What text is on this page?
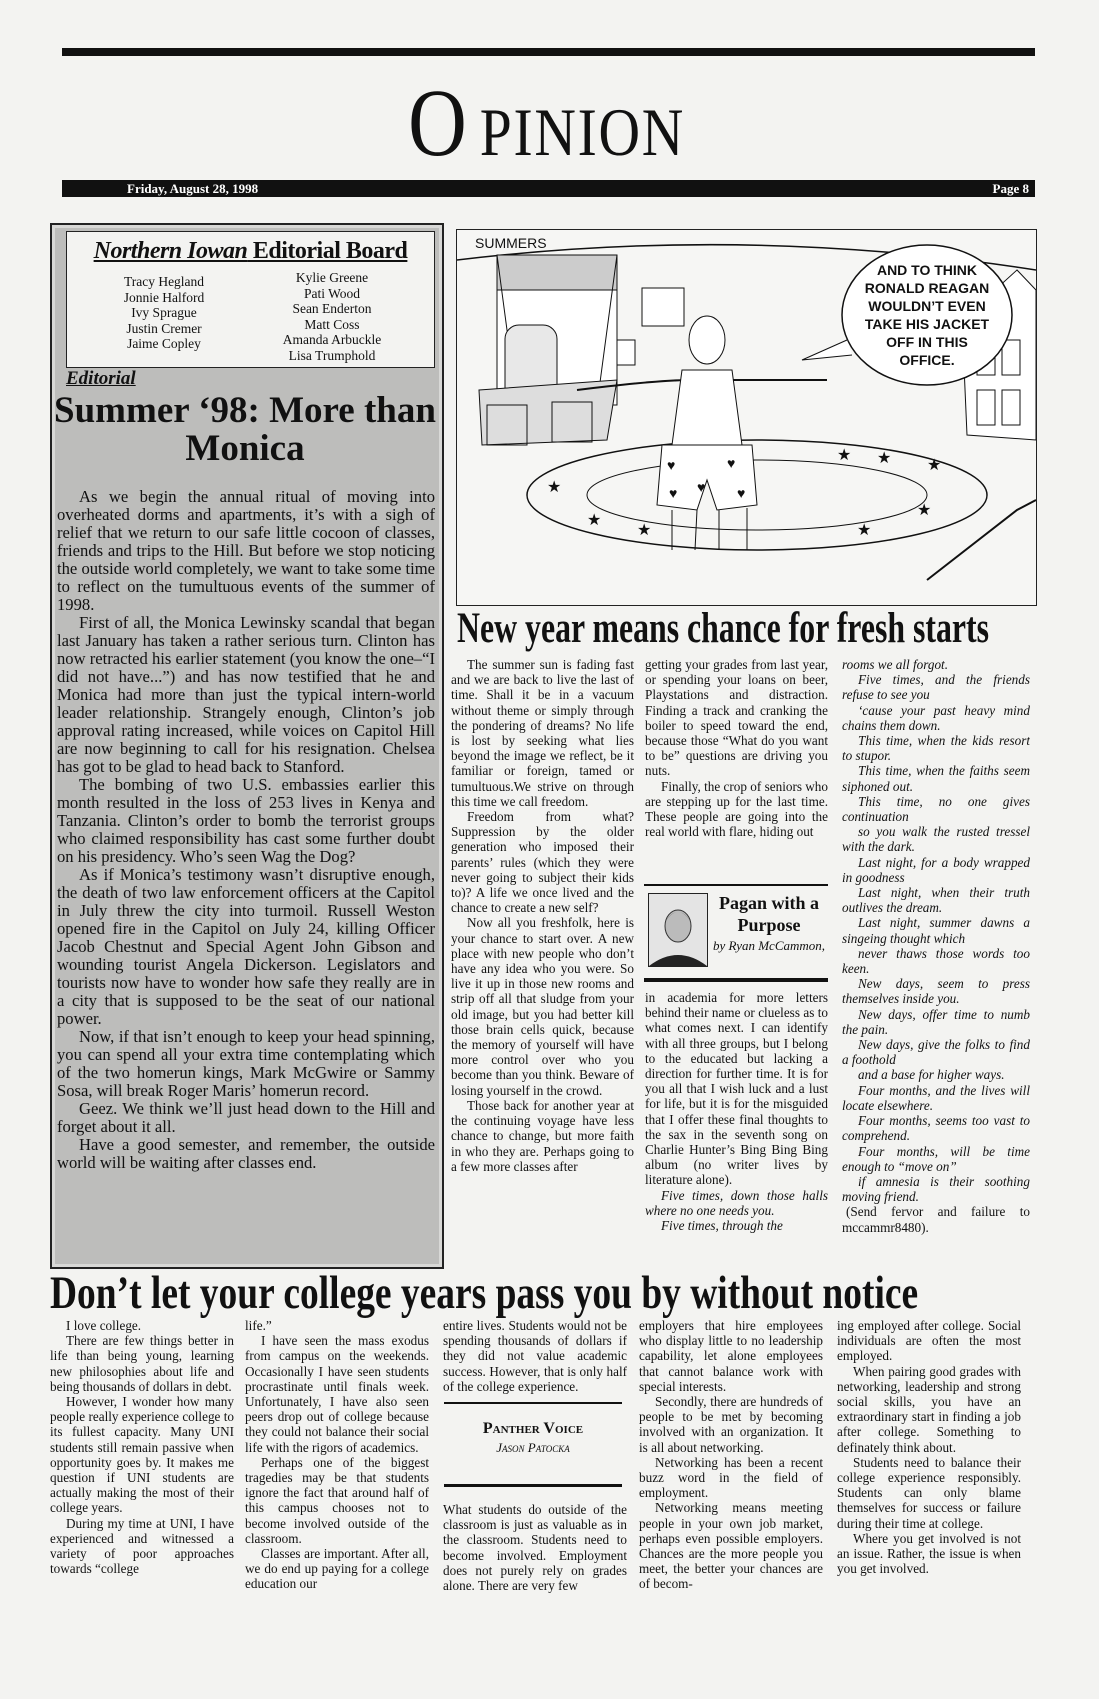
O PINION
Friday, August 28, 1998	Page 8
Northern Iowan Editorial Board
Tracy Hegland
Jonnie Halford
Ivy Sprague
Justin Cremer
Jaime Copley
Kylie Greene
Pati Wood
Sean Enderton
Matt Coss
Amanda Arbuckle
Lisa Trumphold
Editorial
Summer ‘98: More than Monica

As we begin the annual ritual of moving into overheated dorms and apartments, it’s with a sigh of relief that we return to our safe little cocoon of classes, friends and trips to the Hill. But before we stop noticing the outside world completely, we want to take some time to reflect on the tumultuous events of the summer of 1998.

First of all, the Monica Lewinsky scandal that began last January has taken a rather serious turn. Clinton has now retracted his earlier statement (you know the one–“I did not have...”) and has now testified that he and Monica had more than just the typical intern-world leader relationship. Strangely enough, Clinton’s job approval rating increased, while voices on Capitol Hill are now beginning to call for his resignation. Chelsea has got to be glad to head back to Stanford.

The bombing of two U.S. embassies earlier this month resulted in the loss of 253 lives in Kenya and Tanzania. Clinton’s order to bomb the terrorist groups who claimed responsibility has cast some further doubt on his presidency. Who’s seen Wag the Dog?

As if Monica’s testimony wasn’t disruptive enough, the death of two law enforcement officers at the Capitol in July threw the city into turmoil. Russell Weston opened fire in the Capitol on July 24, killing Officer Jacob Chestnut and Special Agent John Gibson and wounding tourist Angela Dickerson. Legislators and tourists now have to wonder how safe they really are in a city that is supposed to be the seat of our national power.

Now, if that isn’t enough to keep your head spinning, you can spend all your extra time contemplating which of the two homerun kings, Mark McGwire or Sammy Sosa, will break Roger Maris’ homerun record.

Geez. We think we’ll just head down to the Hill and forget about it all.

Have a good semester, and remember, the outside world will be waiting after classes end.

SUMMERS
★
★
★	★
★
★
★ ★
♥
♥
♥
♥
♥
AND TO THINK
RONALD REAGAN
WOULDN’T EVEN
TAKE HIS JACKET
OFF IN THIS
OFFICE.
New year means chance for fresh starts

The summer sun is fading fast and we are back to live the last of time. Shall it be in a vacuum without theme or simply through the pondering of dreams? No life is lost by seeking what lies beyond the image we reflect, be it familiar or foreign, tamed or tumultuous.We strive on through this time we call freedom.

Freedom from what? Suppression by the older generation who imposed their parents’ rules (which they were never going to subject their kids to)? A life we once lived and the chance to create a new self?

Now all you freshfolk, here is your chance to start over. A new place with new people who don’t have any idea who you were. So live it up in those new rooms and strip off all that sludge from your old image, but you had better kill those brain cells quick, because the memory of yourself will have more control over who you become than you think. Beware of losing yourself in the crowd.

Those back for another year at the continuing voyage have less chance to change, but more faith in who they are. Perhaps going to a few more classes after

getting your grades from last year, or spending your loans on beer, Playstations and distraction. Finding a track and cranking the boiler to speed toward the end, because those “What do you want to be” questions are driving you nuts.

Finally, the crop of seniors who are stepping up for the last time. These people are going into the real world with flare, hiding out

Pagan with a Purpose
by Ryan McCammon,

in academia for more letters behind their name or clueless as to what comes next. I can identify with all three groups, but I belong to the educated but lacking a direction for further time. It is for you all that I wish luck and a lust for life, but it is for the misguided that I offer these final thoughts to the sax in the seventh song on Charlie Hunter’s Bing Bing Bing album (no writer lives by literature alone).

Five times, down those halls where no one needs you.

Five times, through the

rooms we all forgot.

Five times, and the friends refuse to see you

‘cause your past heavy mind chains them down.

This time, when the kids resort to stupor.

This time, when the faiths seem siphoned out.

This time, no one gives continuation

so you walk the rusted tressel with the dark.

Last night, for a body wrapped in goodness

Last night, when their truth outlives the dream.

Last night, summer dawns a singeing thought which

never thaws those words too keen.

New days, seem to press themselves inside you.

New days, offer time to numb the pain.

New days, give the folks to find a foothold

and a base for higher ways.

Four months, and the lives will locate elsewhere.

Four months, seems too vast to comprehend.

Four months, will be time enough to “move on”

if amnesia is their soothing moving friend.

(Send fervor and failure to mccammr8480).

Don’t let your college years pass you by without notice

I love college.

There are few things better in life than being young, learning new philosophies about life and being thousands of dollars in debt.

However, I wonder how many people really experience college to its fullest capacity. Many UNI students still remain passive when opportunity goes by. It makes me question if UNI students are actually making the most of their college years.

During my time at UNI, I have experienced and witnessed a variety of poor approaches towards “college

life.”

I have seen the mass exodus from campus on the weekends. Occasionally I have seen students procrastinate until finals week. Unfortunately, I have also seen peers drop out of college because they could not balance their social life with the rigors of academics.

Perhaps one of the biggest tragedies may be that students ignore the fact that around half of this campus chooses not to become involved outside of the classroom.

Classes are important. After all, we do end up paying for a college education our

entire lives. Students would not be spending thousands of dollars if they did not value academic success. However, that is only half of the college experience.

Panther Voice
Jason Patocka

What students do outside of the classroom is just as valuable as in the classroom. Students need to become involved. Employment does not purely rely on grades alone. There are very few

employers that hire employees who display little to no leadership capability, let alone employees that cannot balance work with special interests.

Secondly, there are hundreds of people to be met by becoming involved with an organization. It is all about networking.

Networking has been a recent buzz word in the field of employment.

Networking means meeting people in your own job market, perhaps even possible employers. Chances are the more people you meet, the better your chances are of becom-

ing employed after college. Social individuals are often the most employed.

When pairing good grades with networking, leadership and strong social skills, you have an extraordinary start in finding a job after college. Something to definately think about.

Students need to balance their college experience responsibly. Students can only blame themselves for success or failure during their time at college.

Where you get involved is not an issue. Rather, the issue is when you get involved.
